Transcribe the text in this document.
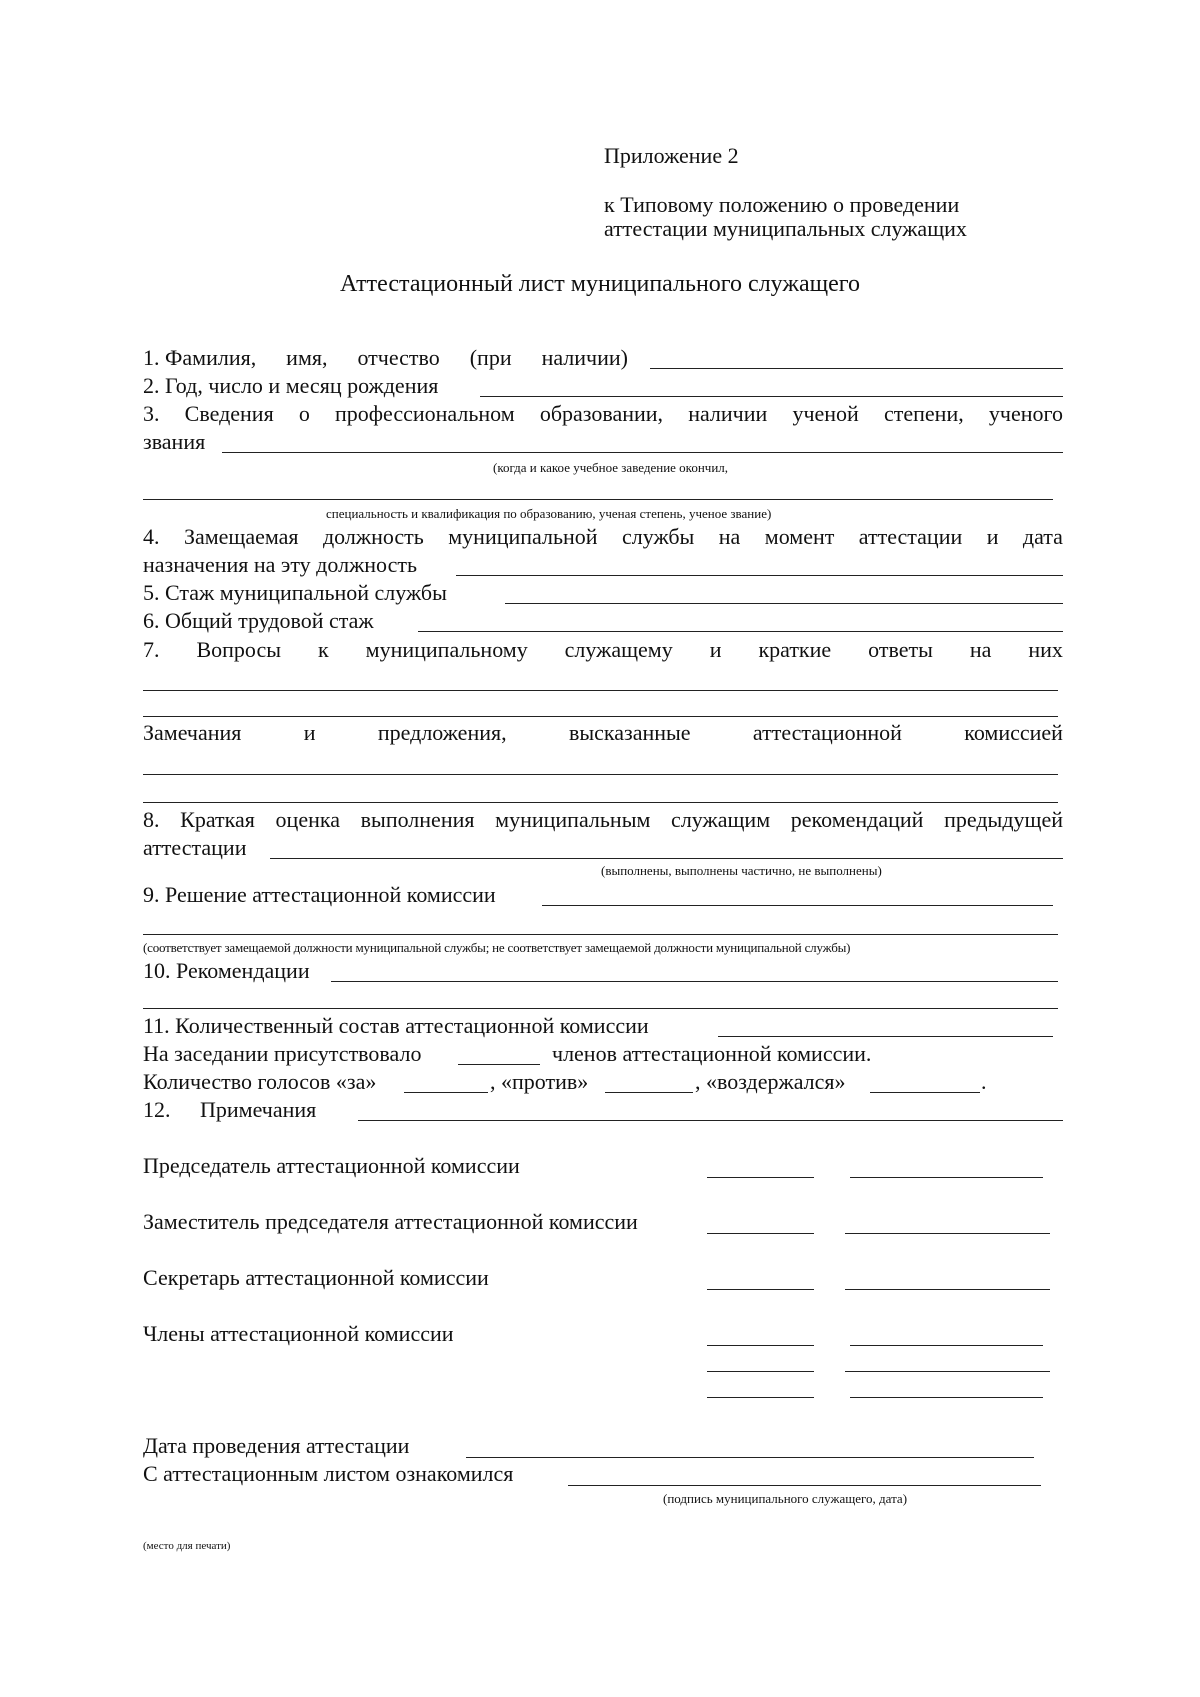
Приложение 2
к Типовому положению о проведении
аттестации муниципальных служащих
Аттестационный лист муниципального служащего
1. Фамилия, имя, отчество (при наличии)
2. Год, число и месяц рождения
3. Сведения о профессиональном образовании, наличии ученой степени, ученого
звания
(когда и какое учебное заведение окончил,
специальность и квалификация по образованию, ученая степень, ученое звание)
4. Замещаемая должность муниципальной службы на момент аттестации и дата
назначения на эту должность
5. Стаж муниципальной службы
6. Общий трудовой стаж
7. Вопросы к муниципальному служащему и краткие ответы на них
Замечания	и	предложения,	высказанные	аттестационной	комиссией
8. Краткая оценка выполнения муниципальным служащим рекомендаций предыдущей
аттестации
(выполнены, выполнены частично, не выполнены)
9. Решение аттестационной комиссии
(соответствует замещаемой должности муниципальной службы; не соответствует замещаемой должности муниципальной службы)
10. Рекомендации
11. Количественный состав аттестационной комиссии
На заседании присутствовало	членов аттестационной комиссии.
Количество голосов «за»	, «против»	, «воздержался»	.
12. Примечания
Председатель аттестационной комиссии
Заместитель председателя аттестационной комиссии
Секретарь аттестационной комиссии
Члены аттестационной комиссии
Дата проведения аттестации
С аттестационным листом ознакомился
(подпись муниципального служащего, дата)
(место для печати)
